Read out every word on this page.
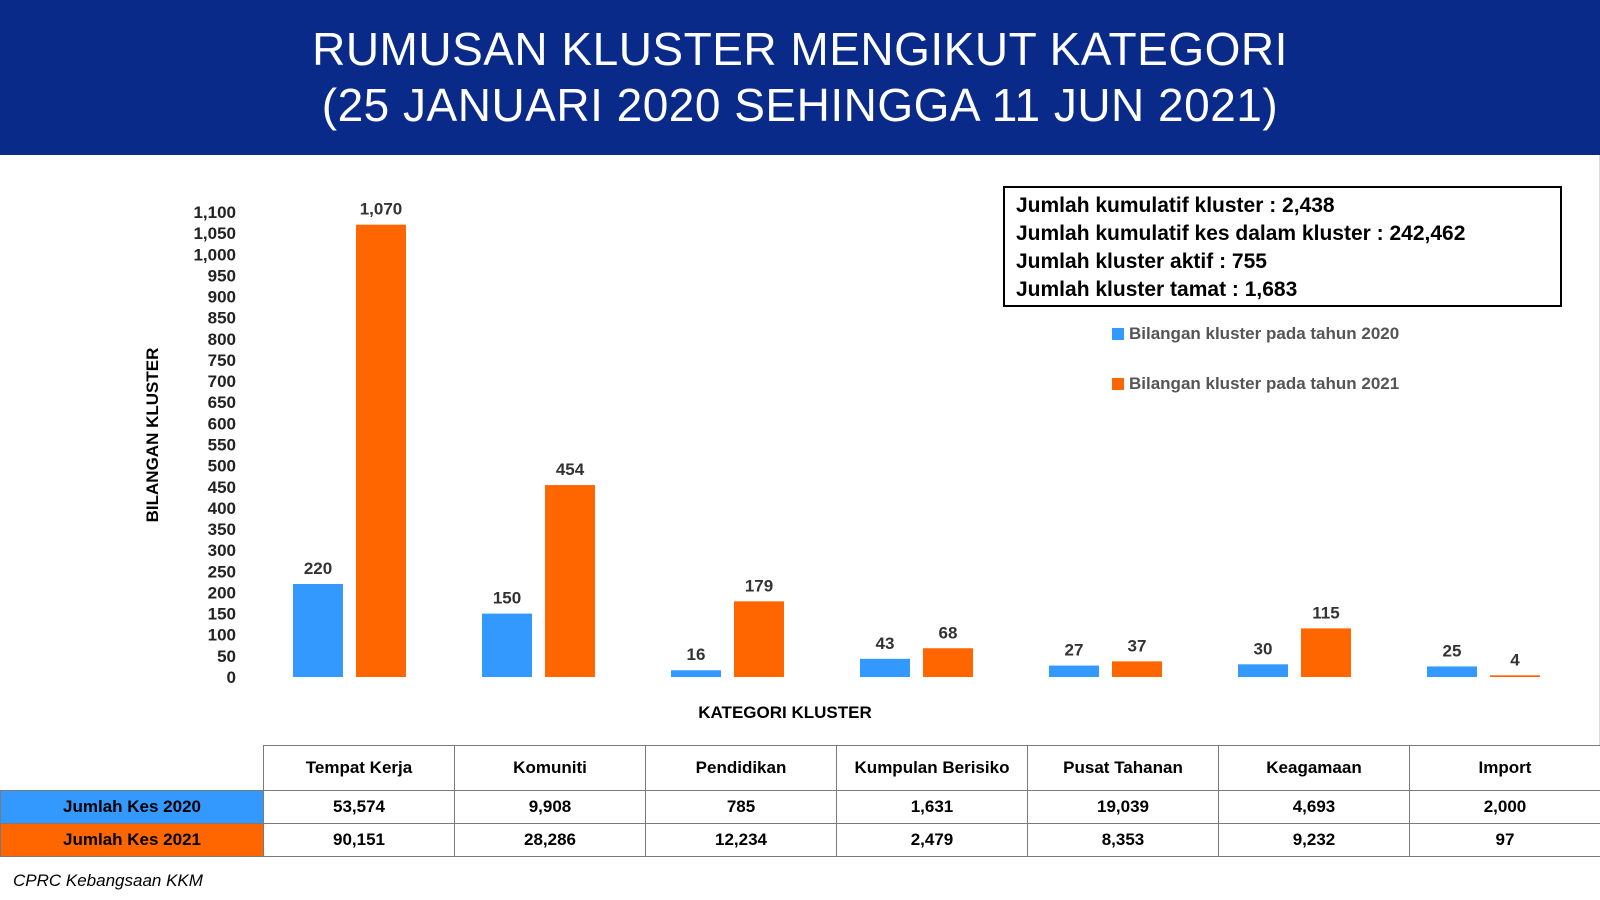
RUMUSAN KLUSTER MENGIKUT KATEGORI
(25 JANUARI 2020 SEHINGGA 11 JUN 2021)
0
50
100
150
200
250
300
350
400
450
500
550
600
650
700
750
800
850
900
950
1,000
1,050
1,100
BILANGAN KLUSTER
KATEGORI KLUSTER
220
1,070
150
454
16
179
43
68
27	37	30
115
25	4
Jumlah kumulatif kluster : 2,438
Jumlah kumulatif kes dalam kluster : 242,462
Jumlah kluster aktif : 755
Jumlah kluster tamat : 1,683
Bilangan kluster pada tahun 2020
Bilangan kluster pada tahun 2021
	Tempat Kerja	Komuniti	Pendidikan	Kumpulan Berisiko	Pusat Tahanan	Keagamaan	Import
Jumlah Kes 2020	53,574	9,908	785	1,631	19,039	4,693	2,000
Jumlah Kes 2021	90,151	28,286	12,234	2,479	8,353	9,232	97
CPRC Kebangsaan KKM
